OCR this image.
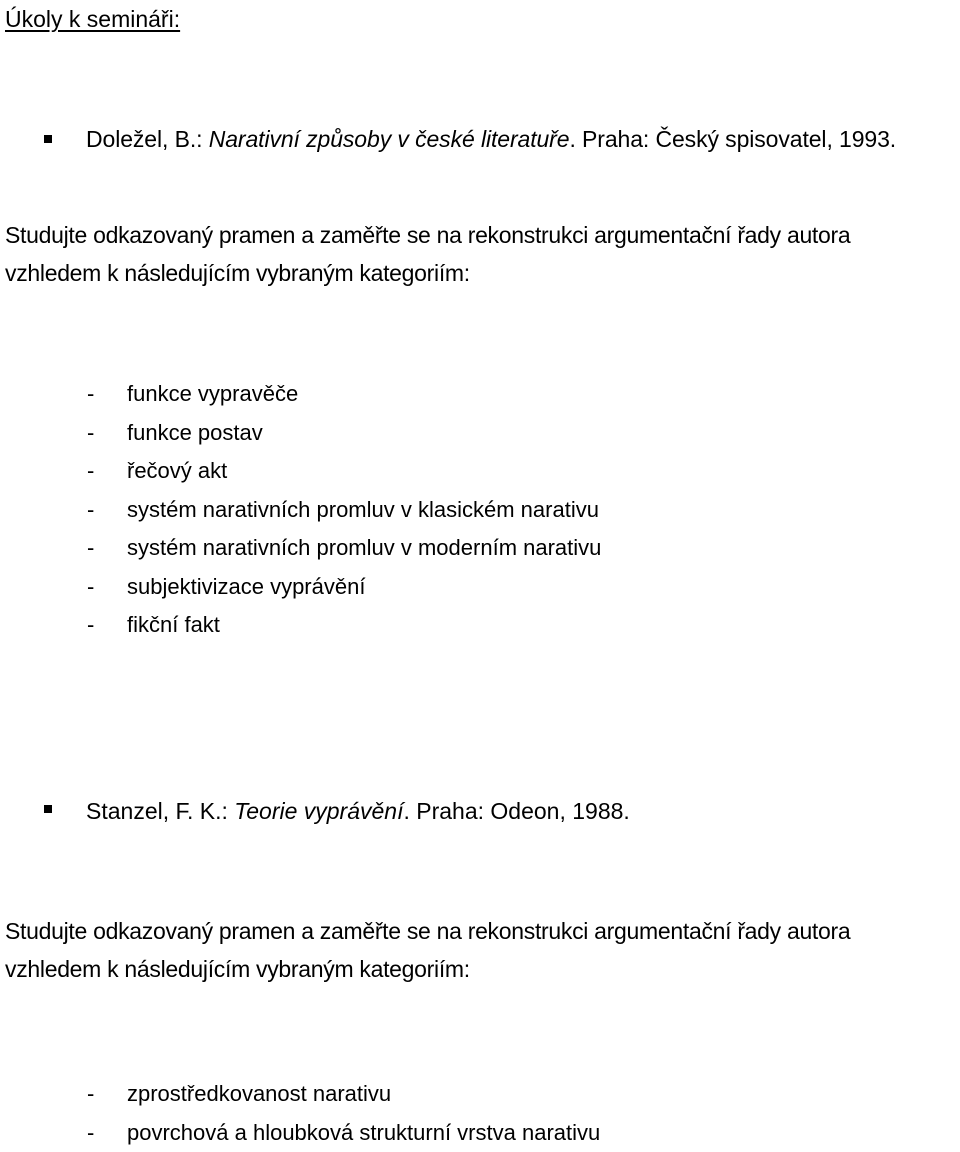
Úkoly k semináři:
Doležel, B.: Narativní způsoby v české literatuře. Praha: Český spisovatel, 1993.
Studujte odkazovaný pramen a zaměřte se na rekonstrukci argumentační řady autora
vzhledem k následujícím vybraným kategoriím:
- funkce vypravěče
- funkce postav
- řečový akt
- systém narativních promluv v klasickém narativu
- systém narativních promluv v moderním narativu
- subjektivizace vyprávění
- fikční fakt
Stanzel, F. K.: Teorie vyprávění. Praha: Odeon, 1988.
Studujte odkazovaný pramen a zaměřte se na rekonstrukci argumentační řady autora
vzhledem k následujícím vybraným kategoriím:
- zprostředkovanost narativu
- povrchová a hloubková strukturní vrstva narativu
